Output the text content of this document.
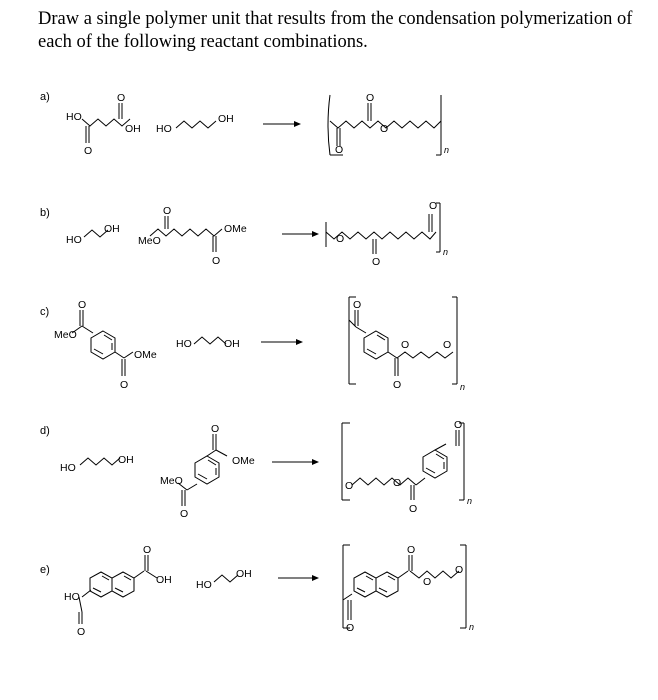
Draw a single polymer unit that results from the condensation polymerization of each of the following reactant combinations.
a)
HO
OH
O
O
HO
OH
O
O
O
n
b)
HO
OH
MeO
OMe
O
O
O
O
O
n
c)
MeO
OMe
O
O
HO	OH
O
O
O	O
n
d)
HO
OH
MeO
OMe
O
O
O	O
O
O
n
e)
HO
OH
O
O
HO
OH
O
O
O
O
n
